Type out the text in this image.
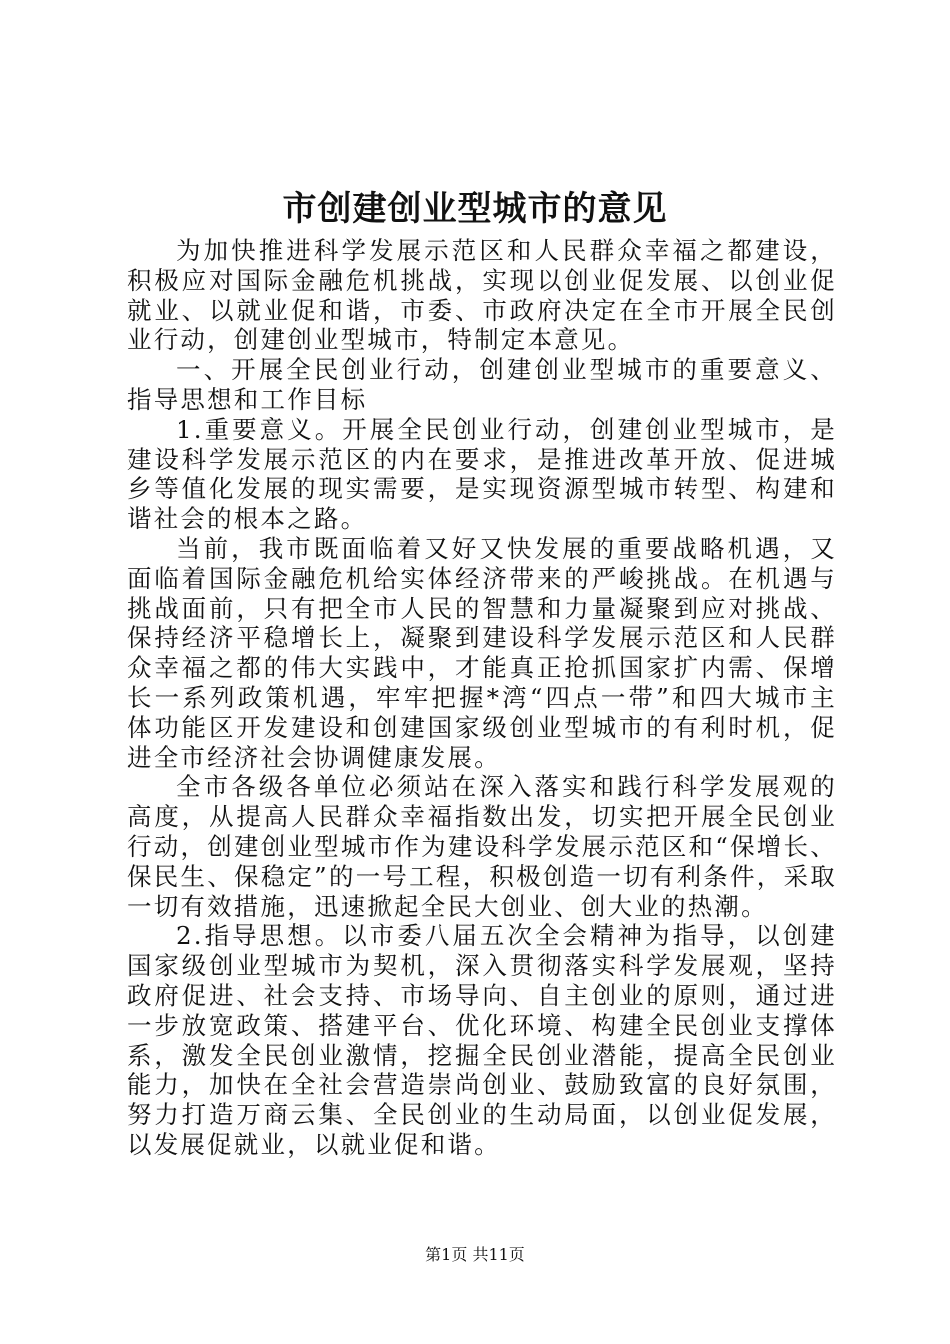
市创建创业型城市的意见

为加快推进科学发展示范区和人民群众幸福之都建设，积极应对国际金融危机挑战，实现以创业促发展、以创业促就业、以就业促和谐，市委、市政府决定在全市开展全民创业行动，创建创业型城市，特制定本意见。

一、开展全民创业行动，创建创业型城市的重要意义、指导思想和工作目标

1.重要意义。开展全民创业行动，创建创业型城市，是建设科学发展示范区的内在要求，是推进改革开放、促进城乡等值化发展的现实需要，是实现资源型城市转型、构建和谐社会的根本之路。

当前，我市既面临着又好又快发展的重要战略机遇，又面临着国际金融危机给实体经济带来的严峻挑战。在机遇与挑战面前，只有把全市人民的智慧和力量凝聚到应对挑战、保持经济平稳增长上，凝聚到建设科学发展示范区和人民群众幸福之都的伟大实践中，才能真正抢抓国家扩内需、保增长一系列政策机遇，牢牢把握*湾“四点一带”和四大城市主体功能区开发建设和创建国家级创业型城市的有利时机，促进全市经济社会协调健康发展。

全市各级各单位必须站在深入落实和践行科学发展观的高度，从提高人民群众幸福指数出发，切实把开展全民创业行动，创建创业型城市作为建设科学发展示范区和“保增长、保民生、保稳定”的一号工程，积极创造一切有利条件，采取一切有效措施，迅速掀起全民大创业、创大业的热潮。

2.指导思想。以市委八届五次全会精神为指导，以创建国家级创业型城市为契机，深入贯彻落实科学发展观，坚持政府促进、社会支持、市场导向、自主创业的原则，通过进一步放宽政策、搭建平台、优化环境、构建全民创业支撑体系，激发全民创业激情，挖掘全民创业潜能，提高全民创业能力，加快在全社会营造崇尚创业、鼓励致富的良好氛围，努力打造万商云集、全民创业的生动局面，以创业促发展，以发展促就业，以就业促和谐。

第1页 共11页
